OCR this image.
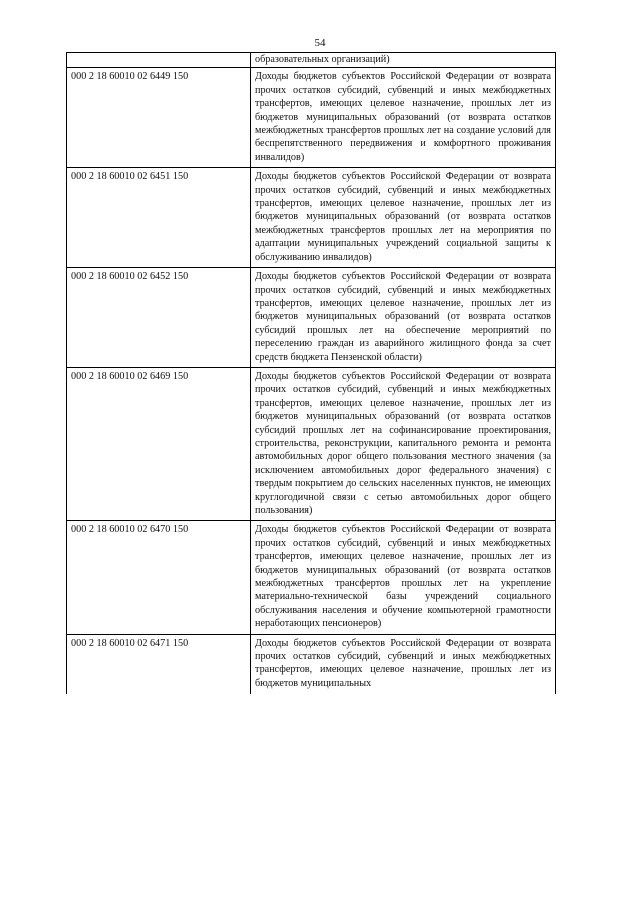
54
	образовательных организаций)
000 2 18 60010 02 6449 150	Доходы бюджетов субъектов Российской Федерации от возврата прочих остатков субсидий, субвенций и иных межбюджетных трансфертов, имеющих целевое назначение, прошлых лет из бюджетов муниципальных образований (от возврата остатков межбюджетных трансфертов прошлых лет на создание условий для беспрепятственного передвижения и комфортного проживания инвалидов)
000 2 18 60010 02 6451 150	Доходы бюджетов субъектов Российской Федерации от возврата прочих остатков субсидий, субвенций и иных межбюджетных трансфертов, имеющих целевое назначение, прошлых лет из бюджетов муниципальных образований (от возврата остатков межбюджетных трансфертов прошлых лет на мероприятия по адаптации муниципальных учреждений социальной защиты к обслуживанию инвалидов)
000 2 18 60010 02 6452 150	Доходы бюджетов субъектов Российской Федерации от возврата прочих остатков субсидий, субвенций и иных межбюджетных трансфертов, имеющих целевое назначение, прошлых лет из бюджетов муниципальных образований (от возврата остатков субсидий прошлых лет на обеспечение мероприятий по переселению граждан из аварийного жилищного фонда за счет средств бюджета Пензенской области)
000 2 18 60010 02 6469 150	Доходы бюджетов субъектов Российской Федерации от возврата прочих остатков субсидий, субвенций и иных межбюджетных трансфертов, имеющих целевое назначение, прошлых лет из бюджетов муниципальных образований (от возврата остатков субсидий прошлых лет на софинансирование проектирования, строительства, реконструкции, капитального ремонта и ремонта автомобильных дорог общего пользования местного значения (за исключением автомобильных дорог федерального значения) с твердым покрытием до сельских населенных пунктов, не имеющих круглогодичной связи с сетью автомобильных дорог общего пользования)
000 2 18 60010 02 6470 150	Доходы бюджетов субъектов Российской Федерации от возврата прочих остатков субсидий, субвенций и иных межбюджетных трансфертов, имеющих целевое назначение, прошлых лет из бюджетов муниципальных образований (от возврата остатков межбюджетных трансфертов прошлых лет на укрепление материально-технической базы учреждений социального обслуживания населения и обучение компьютерной грамотности неработающих пенсионеров)
000 2 18 60010 02 6471 150	Доходы бюджетов субъектов Российской Федерации от возврата прочих остатков субсидий, субвенций и иных межбюджетных трансфертов, имеющих целевое назначение, прошлых лет из бюджетов муниципальных
